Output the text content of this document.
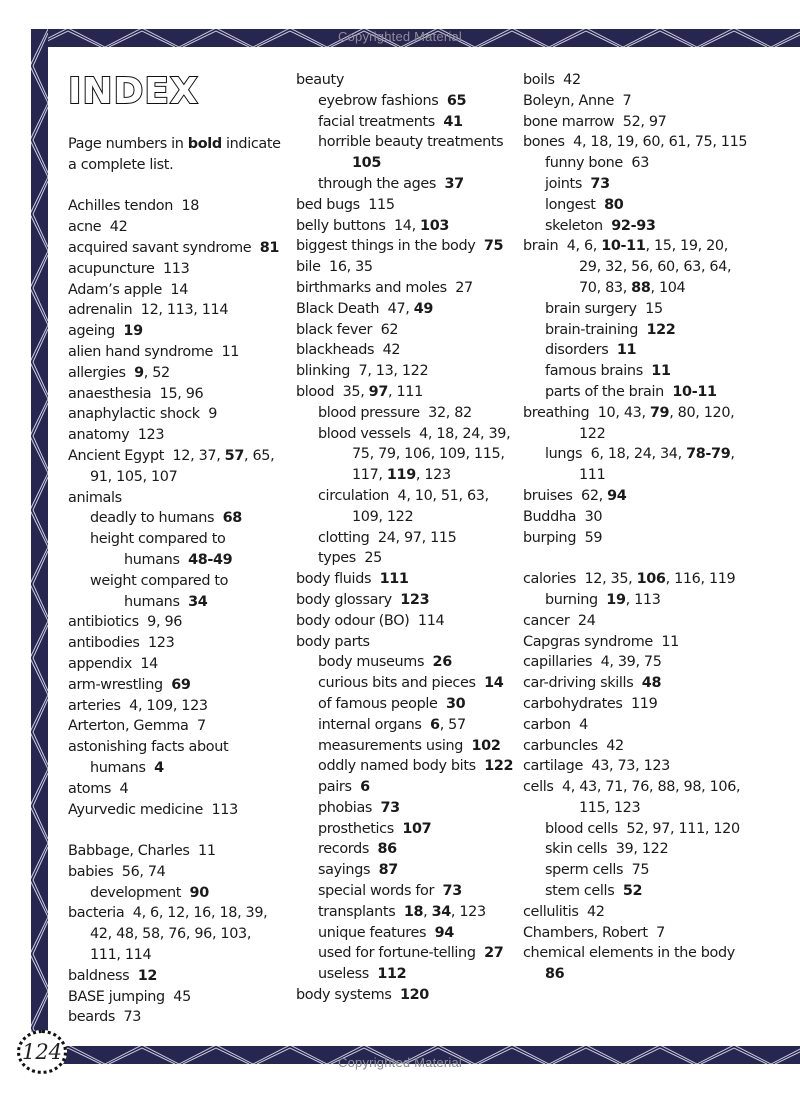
Copyrighted Material
Copyrighted Material
124
INDEX
Page numbers in bold indicate a complete list.
Achilles tendon 18
acne 42
acquired savant syndrome 81
acupuncture 113
Adam’s apple 14
adrenalin 12, 113, 114
ageing 19
alien hand syndrome 11
allergies 9, 52
anaesthesia 15, 96
anaphylactic shock 9
anatomy 123
Ancient Egypt 12, 37, 57, 65, 91, 105, 107
animals
deadly to humans 68
height compared to humans 48-49
weight compared to humans 34
antibiotics 9, 96
antibodies 123
appendix 14
arm-wrestling 69
arteries 4, 109, 123
Arterton, Gemma 7
astonishing facts about humans 4
atoms 4
Ayurvedic medicine 113
Babbage, Charles 11
babies 56, 74
development 90
bacteria 4, 6, 12, 16, 18, 39, 42, 48, 58, 76, 96, 103, 111, 114
baldness 12
BASE jumping 45
beards 73
beauty
eyebrow fashions 65
facial treatments 41
horrible beauty treatments  105
through the ages 37
bed bugs 115
belly buttons 14, 103
biggest things in the body 75
bile 16, 35
birthmarks and moles 27
Black Death 47, 49
black fever 62
blackheads 42
blinking 7, 13, 122
blood 35, 97, 111
blood pressure 32, 82
blood vessels 4, 18, 24, 39, 75, 79, 106, 109, 115, 117, 119, 123
circulation 4, 10, 51, 63, 109, 122
clotting 24, 97, 115
types 25
body fluids 111
body glossary 123
body odour (BO) 114
body parts
body museums 26
curious bits and pieces 14
of famous people 30
internal organs 6, 57
measurements using 102
oddly named body bits 122
pairs 6
phobias 73
prosthetics 107
records 86
sayings 87
special words for 73
transplants 18, 34, 123
unique features 94
used for fortune-telling 27
useless 112
body systems 120
boils 42
Boleyn, Anne 7
bone marrow 52, 97
bones 4, 18, 19, 60, 61, 75, 115
funny bone 63
joints 73
longest 80
skeleton 92-93
brain 4, 6, 10-11, 15, 19, 20, 29, 32, 56, 60, 63, 64, 70, 83, 88, 104
brain surgery 15
brain-training 122
disorders 11
famous brains 11
parts of the brain 10-11
breathing 10, 43, 79, 80, 120, 122
lungs 6, 18, 24, 34, 78-79, 111
bruises 62, 94
Buddha 30
burping 59
calories 12, 35, 106, 116, 119
burning 19, 113
cancer 24
Capgras syndrome 11
capillaries 4, 39, 75
car-driving skills 48
carbohydrates 119
carbon 4
carbuncles 42
cartilage 43, 73, 123
cells 4, 43, 71, 76, 88, 98, 106, 115, 123
blood cells 52, 97, 111, 120
skin cells 39, 122
sperm cells 75
stem cells 52
cellulitis 42
Chambers, Robert 7
chemical elements in the body  86
